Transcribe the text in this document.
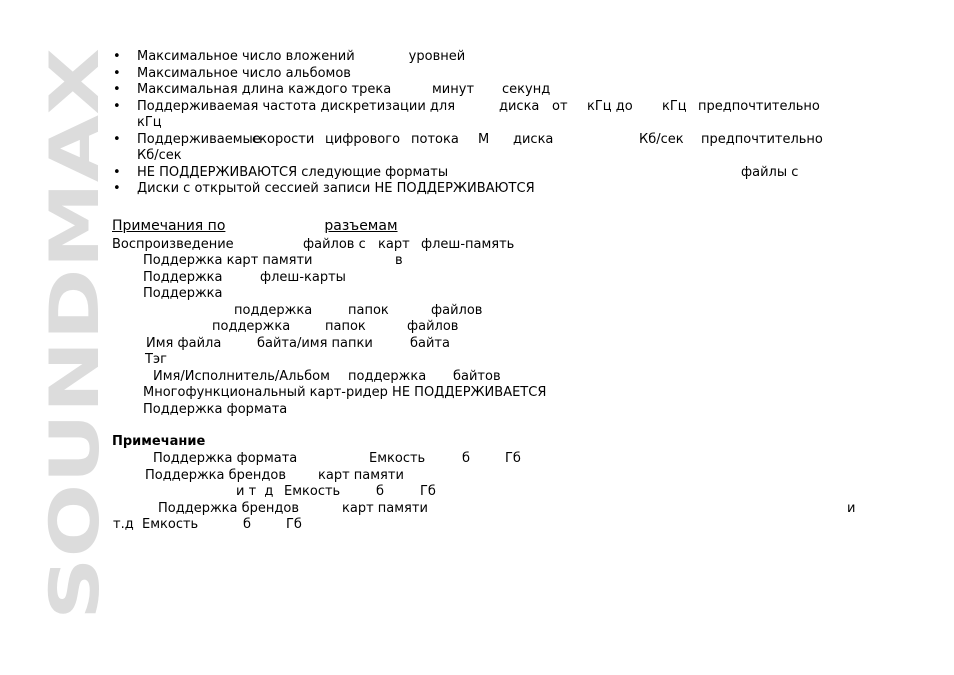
SOUNDMAX
• Максимальное число вложений	уровней
• Максимальное число альбомов
• Максимальная длина каждого трека	минут секунд
• Поддерживаемая частота дискретизации для	диска от кГц до кГц предпочтительно
кГц
• Поддерживаемые
скорости цифрового потока М диска	Кб/сек предпочтительно
Кб/сек
• НЕ ПОДДЕРЖИВАЮТСЯ следующие форматы	файлы с
• Диски с открытой сессией записи НЕ ПОДДЕРЖИВАЮТСЯ
Примечания по	разъемам
Воспроизведение	файлов с карт флеш-память
Поддержка карт памяти	в
Поддержка	флеш-карты
Поддержка
поддержка	папок	файлов
поддержка	папок	файлов
Имя файла	байта/имя папки	байта
Тэг
Имя/Исполнитель/Альбом поддержка байтов
Многофункциональный карт-ридер НЕ ПОДДЕРЖИВАЕТСЯ
Поддержка формата
Примечание
Поддержка формата	Емкость	б	Гб
Поддержка брендов карт памяти
и т  д Емкость	б	Гб
Поддержка брендов	карт памяти	и
т.д Емкость	б	Гб
